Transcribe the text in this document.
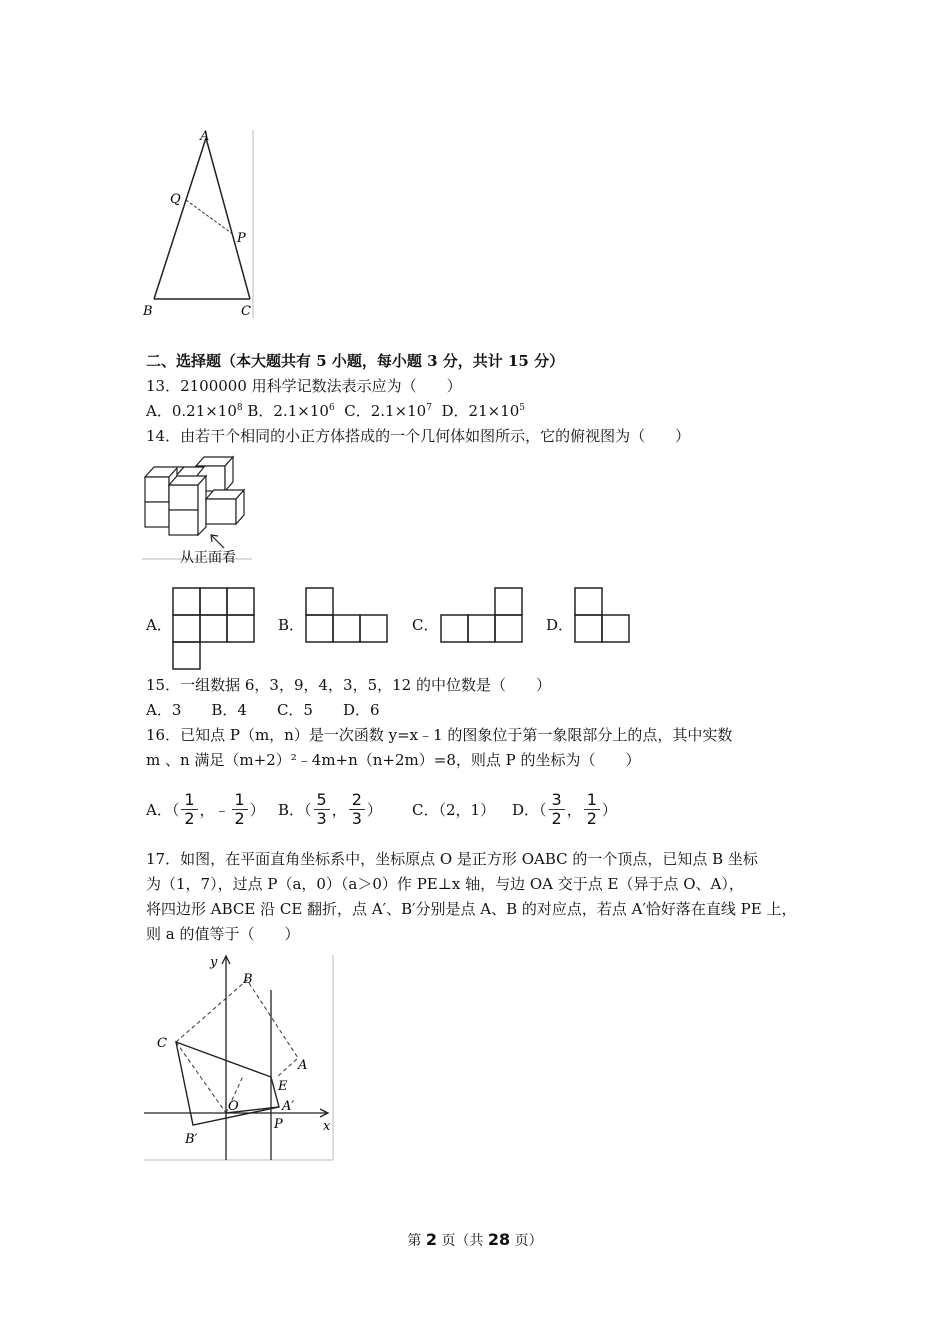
A
Q
P
B	C
二、选择题（本大题共有 5 小题，每小题 3 分，共计 15 分）
13．2100000 用科学记数法表示应为（　　）
A．$0.21\times 10^8$ B．$2.1\times 10^6$ C．$2.1\times 10^7$ D．$21\times 10^5$
14．由若干个相同的小正方体搭成的一个几何体如图所示，它的俯视图为（　　）
从正面看
A．	B．	C．	D．
15．一组数据 6，3，9，4，3，5，12 的中位数是（　　）
A．3　　B．4　　C．5　　D．6
16．已知点 P（m，n）是一次函数 y=x﹣1 的图象位于第一象限部分上的点，其中实数
m 、n 满足（m+2）²﹣4m+n（n+2m）=8，则点 P 的坐标为（　　）
A．（ $\frac{1}{2}$ ，﹣ $\frac{1}{2}$ ） B．（ $\frac{5}{3}$ ， $\frac{2}{3}$ ） C．（2，1） D．（ $\frac{3}{2}$ ， $\frac{1}{2}$ ）
17．如图，在平面直角坐标系中，坐标原点 O 是正方形 OABC 的一个顶点，已知点 B 坐标
为（1，7），过点 P（a，0）（a＞0）作 PE⊥x 轴，与边 OA 交于点 E（异于点 O、A），
将四边形 ABCE 沿 CE 翻折，点 A′、B′分别是点 A、B 的对应点，若点 A′恰好落在直线 PE 上，
则 a 的值等于（　　）
y
x
B
C
A
E
O	A′
P
B′
第 2 页（共 28 页）
